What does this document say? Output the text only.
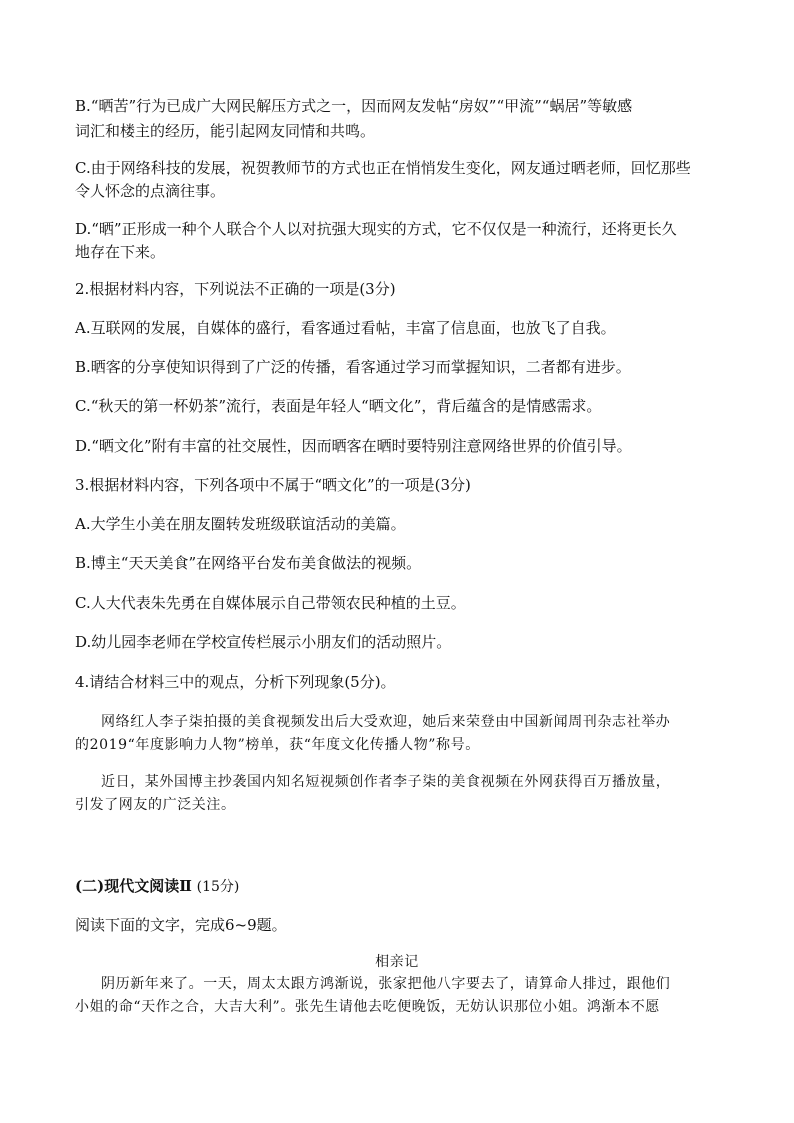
B.“晒苦”行为已成广大网民解压方式之一，因而网友发帖“房奴”“甲流”“蜗居”等敏感
词汇和楼主的经历，能引起网友同情和共鸣。
C.由于网络科技的发展，祝贺教师节的方式也正在悄悄发生变化，网友通过晒老师，回忆那些
令人怀念的点滴往事。
D.“晒”正形成一种个人联合个人以对抗强大现实的方式，它不仅仅是一种流行，还将更长久
地存在下来。
2.根据材料内容，下列说法不正确的一项是(3分)
A.互联网的发展，自媒体的盛行，看客通过看帖，丰富了信息面，也放飞了自我。
B.晒客的分享使知识得到了广泛的传播，看客通过学习而掌握知识，二者都有进步。
C.“秋天的第一杯奶茶”流行，表面是年轻人“晒文化”，背后蕴含的是情感需求。
D.“晒文化”附有丰富的社交展性，因而晒客在晒时要特别注意网络世界的价值引导。
3.根据材料内容，下列各项中不属于“晒文化”的一项是(3分)
A.大学生小美在朋友圈转发班级联谊活动的美篇。
B.博主“天天美食”在网络平台发布美食做法的视频。
C.人大代表朱先勇在自媒体展示自己带领农民种植的土豆。
D.幼儿园李老师在学校宣传栏展示小朋友们的活动照片。
4.请结合材料三中的观点，分析下列现象(5分)。
网络红人李子柒拍摄的美食视频发出后大受欢迎，她后来荣登由中国新闻周刊杂志社举办
的2019“年度影响力人物”榜单，获“年度文化传播人物”称号。
近日，某外国博主抄袭国内知名短视频创作者李子柒的美食视频在外网获得百万播放量，
引发了网友的广泛关注。
(二)现代文阅读Ⅱ (15分)
阅读下面的文字，完成6~9题。
相亲记
阴历新年来了。一天，周太太跟方鸿渐说，张家把他八字要去了，请算命人排过，跟他们
小姐的命“天作之合，大吉大利”。张先生请他去吃便晚饭，无妨认识那位小姐。鸿渐本不愿
